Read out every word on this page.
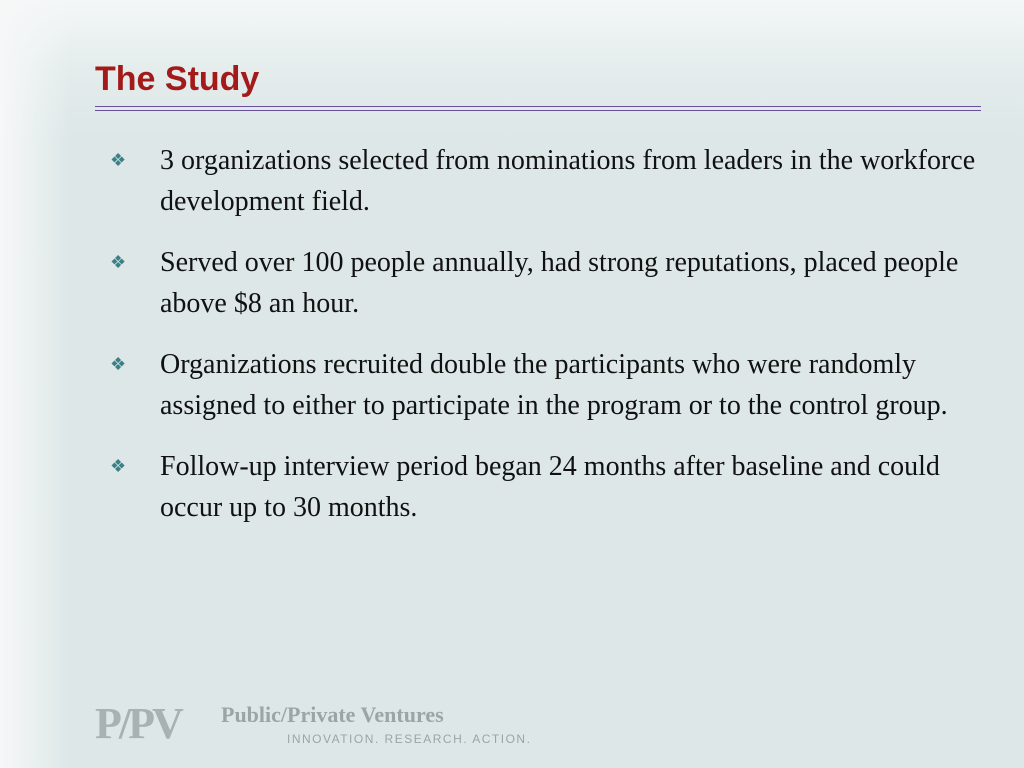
The Study
❖	3 organizations selected from nominations from leaders in the workforce development field.
❖	Served over 100 people annually, had strong reputations, placed people above $8 an hour.
❖	Organizations recruited double the participants who were randomly assigned to either to participate in the program or to the control group.
❖	Follow-up interview period began 24 months after baseline and could occur up to 30 months.
P/PV Public/Private Ventures
INNOVATION. RESEARCH. ACTION.
